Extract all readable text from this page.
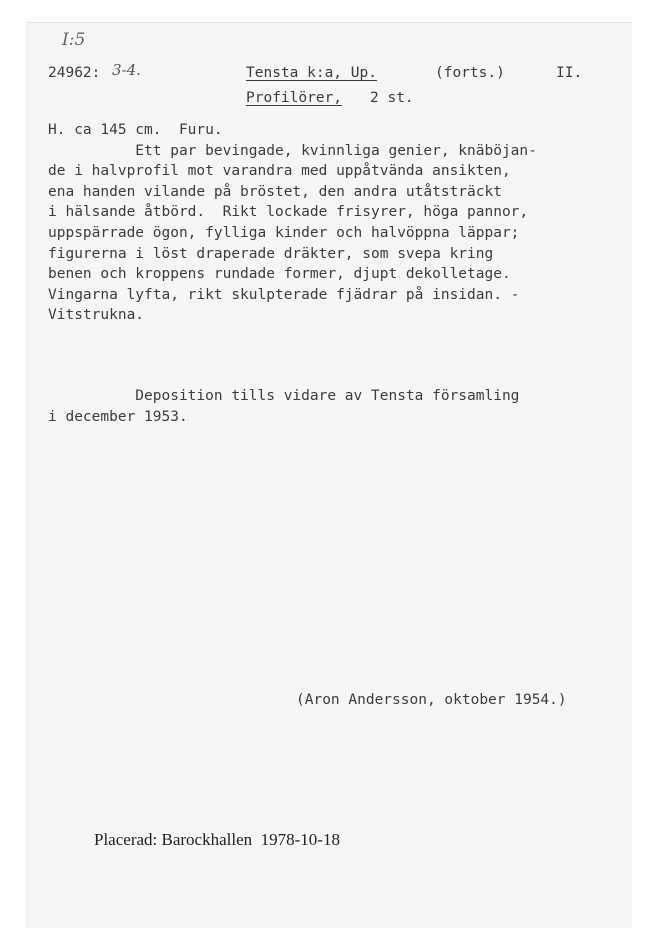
I:5
24962: 3-4.	Tensta k:a, Up.	(forts.)	II.
Profilörer, 2 st.
H. ca 145 cm.  Furu.
Ett par bevingade, kvinnliga genier, knäböjan-
de i halvprofil mot varandra med uppåtvända ansikten,
ena handen vilande på bröstet, den andra utåtsträckt
i hälsande åtbörd.  Rikt lockade frisyrer, höga pannor,
uppspärrade ögon, fylliga kinder och halvöppna läppar;
figurerna i löst draperade dräkter, som svepa kring
benen och kroppens rundade former, djupt dekolletage.
Vingarna lyfta, rikt skulpterade fjädrar på insidan. -
Vitstrukna.
Deposition tills vidare av Tensta församling
i december 1953.
(Aron Andersson, oktober 1954.)
Placerad: Barockhallen  1978-10-18
